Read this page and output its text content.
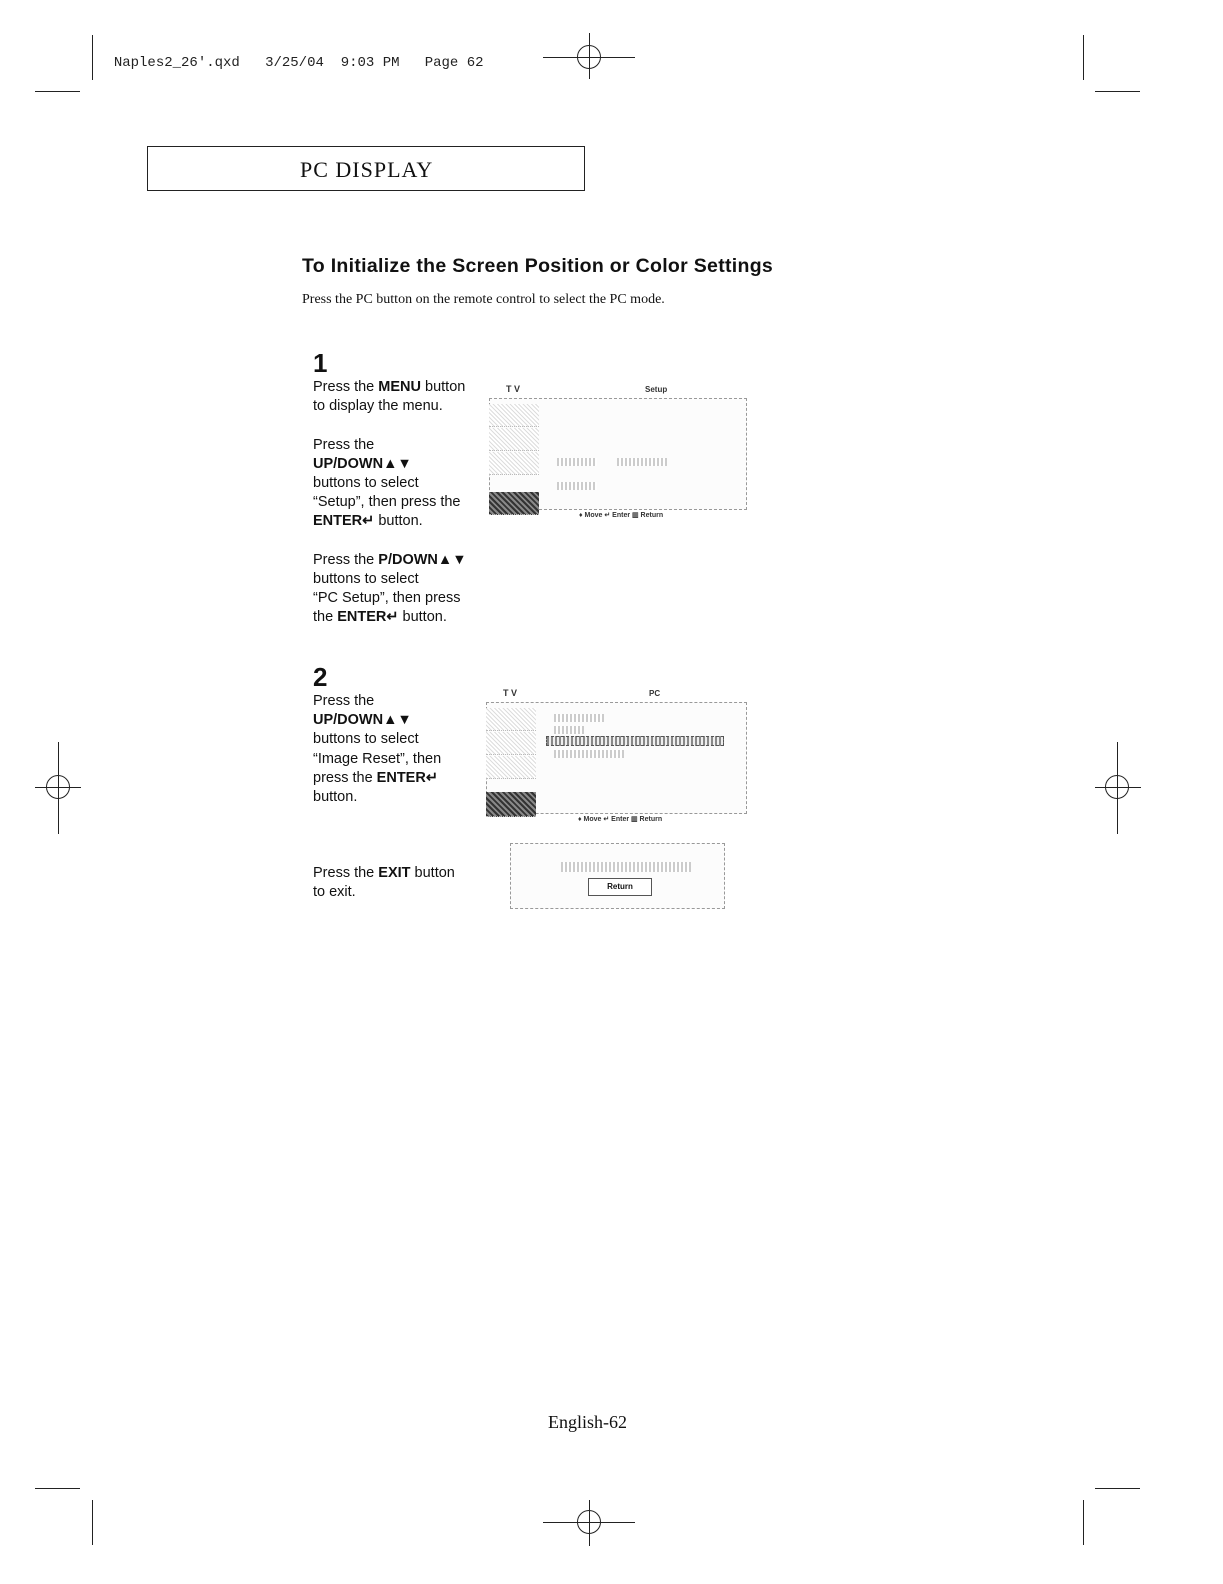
Naples2_26'.qxd 3/25/04 9:03 PM Page 62

PC DISPLAY
To Initialize the Screen Position or Color Settings
Press the PC button on the remote control to select the PC mode.
1
Press the MENU button
to display the menu.

Press the
UP/DOWN▲▼
buttons to select
“Setup”, then press the
ENTER↵ button.

Press the P/DOWN▲▼
buttons to select
“PC Setup”, then press
the ENTER↵ button.
T V	Setup
♦ Move ↵ Enter ▥ Return
2
Press the
UP/DOWN▲▼
buttons to select
“Image Reset”, then
press the ENTER↵
button.
T V	PC
♦ Move ↵ Enter ▥ Return
Press the EXIT button
to exit.	Return
English-62
